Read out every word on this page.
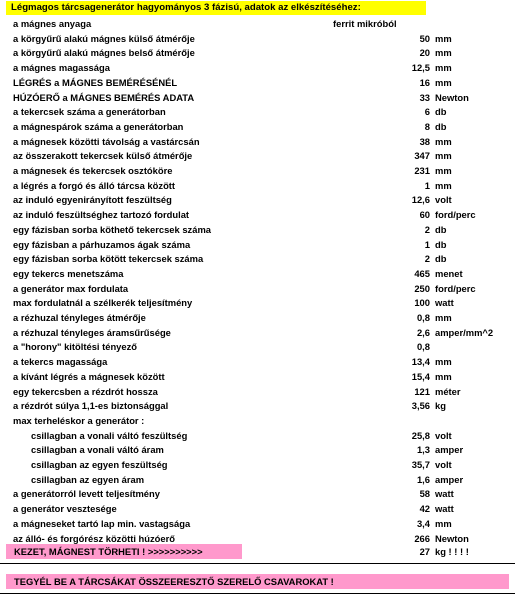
Légmagos tárcsagenerátor hagyományos 3 fázisú, adatok az elkészítéséhez:
a mágnes anyaga	ferrit mikróból
a körgyűrű alakú mágnes külső átmérője	50 mm
a körgyűrű alakú mágnes belső átmérője	20 mm
a mágnes magassága	12,5 mm
LÉGRÉS a MÁGNES BEMÉRÉSÉNÉL	16 mm
HÚZÓERŐ a MÁGNES BEMÉRÉS ADATA	33 Newton
a tekercsek száma a generátorban	6 db
a mágnespárok száma a generátorban	8 db
a mágnesek közötti távolság a vastárcsán	38 mm
az összerakott tekercsek külső átmérője	347 mm
a mágnesek és tekercsek osztóköre	231 mm
a légrés a forgó és álló tárcsa között	1 mm
az induló egyenirányított feszültség	12,6 volt
az induló feszültséghez tartozó fordulat	60 ford/perc
egy fázisban sorba köthető tekercsek száma	2 db
egy fázisban a párhuzamos ágak száma	1 db
egy fázisban sorba kötött tekercsek száma	2 db
egy tekercs menetszáma	465 menet
a generátor max fordulata	250 ford/perc
max fordulatnál a szélkerék teljesítmény	100 watt
a rézhuzal tényleges átmérője	0,8 mm
a rézhuzal tényleges áramsűrűsége	2,6 amper/mm^2
a "horony" kitöltési tényező	0,8
a tekercs magassága	13,4 mm
a kívánt légrés a mágnesek között	15,4 mm
egy tekercsben a rézdrót hossza	121 méter
a rézdrót súlya 1,1-es biztonsággal	3,56 kg
max terheléskor a generátor :
csillagban a vonali váltó feszültség	25,8 volt
csillagban a vonali váltó áram	1,3 amper
csillagban az egyen feszültség	35,7 volt
csillagban az egyen áram	1,6 amper
a generátorról levett teljesítmény	58 watt
a generátor vesztesége	42 watt
a mágneseket tartó lap min. vastagsága	3,4 mm
az álló- és forgórész közötti húzóerő	266 Newton
KEZET, MÁGNEST TÖRHETI ! >>>>>>>>>>	27 kg ! ! ! !
TEGYÉL BE A TÁRCSÁKAT ÖSSZEERESZTŐ SZERELŐ CSAVAROKAT !
